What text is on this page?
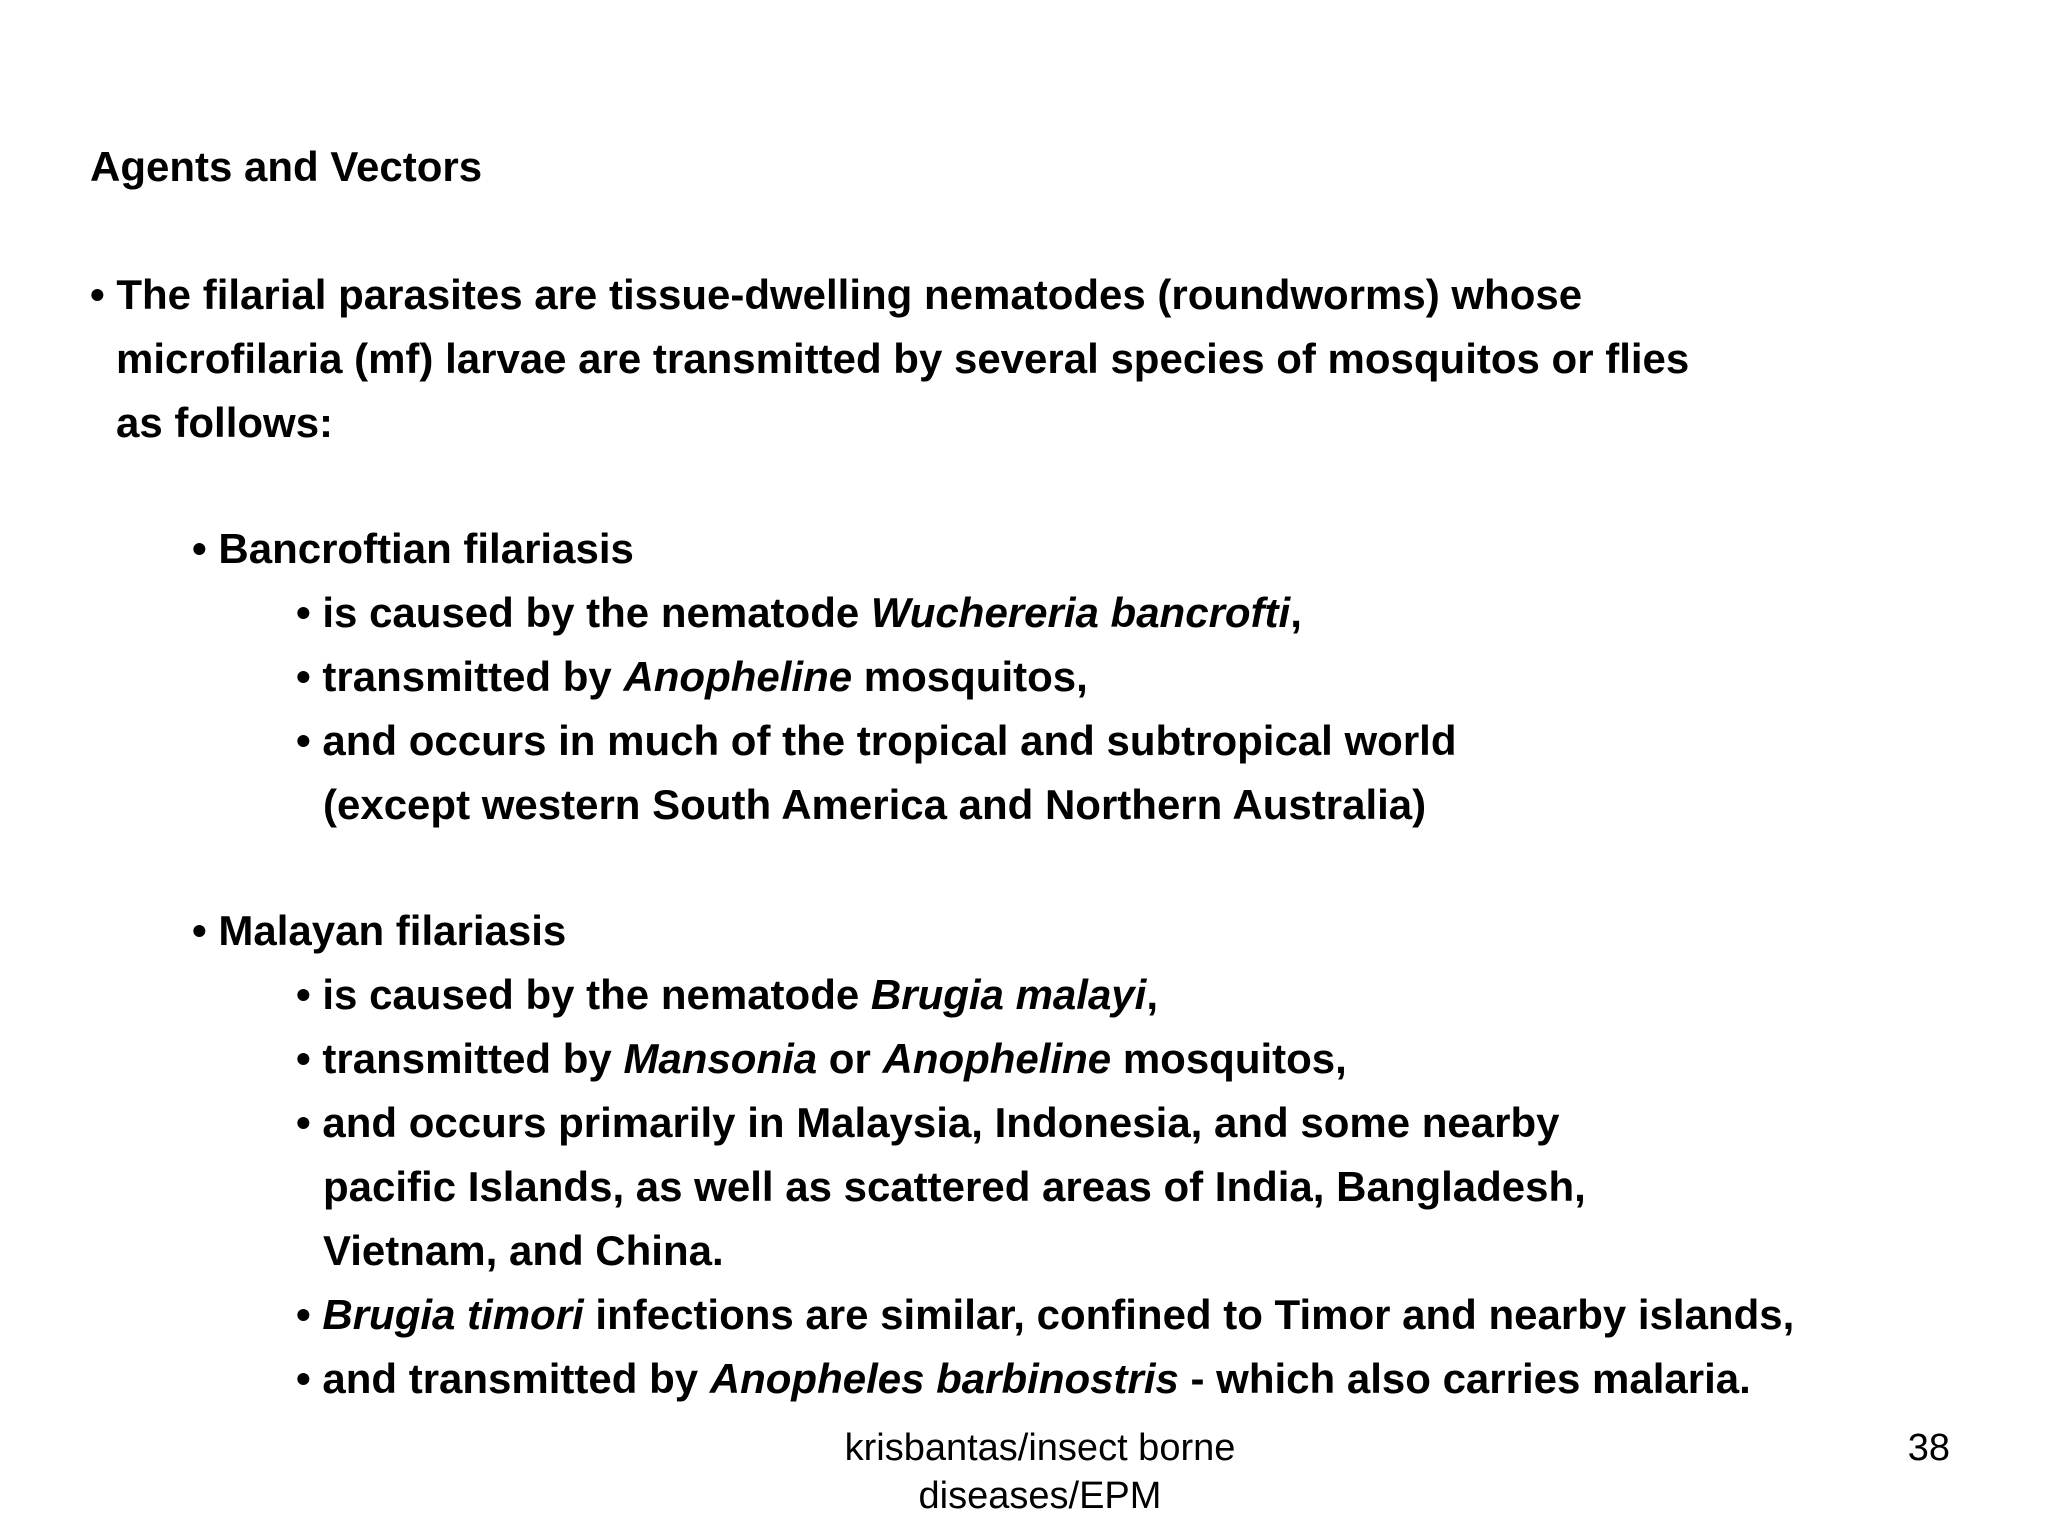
Agents and Vectors
• The filarial parasites are tissue-dwelling nematodes (roundworms) whose
microfilaria (mf) larvae are transmitted by several species of mosquitos or flies
as follows:
• Bancroftian filariasis
• is caused by the nematode Wuchereria bancrofti,
• transmitted by Anopheline mosquitos,
• and occurs in much of the tropical and subtropical world
(except western South America and Northern Australia)
• Malayan filariasis
• is caused by the nematode Brugia malayi,
• transmitted by Mansonia or Anopheline mosquitos,
• and occurs primarily in Malaysia, Indonesia, and some nearby
pacific Islands, as well as scattered areas of India, Bangladesh,
Vietnam, and China.
• Brugia timori infections are similar, confined to Timor and nearby islands,
• and transmitted by Anopheles barbinostris - which also carries malaria.
krisbantas/insect borne
diseases/EPM
38
